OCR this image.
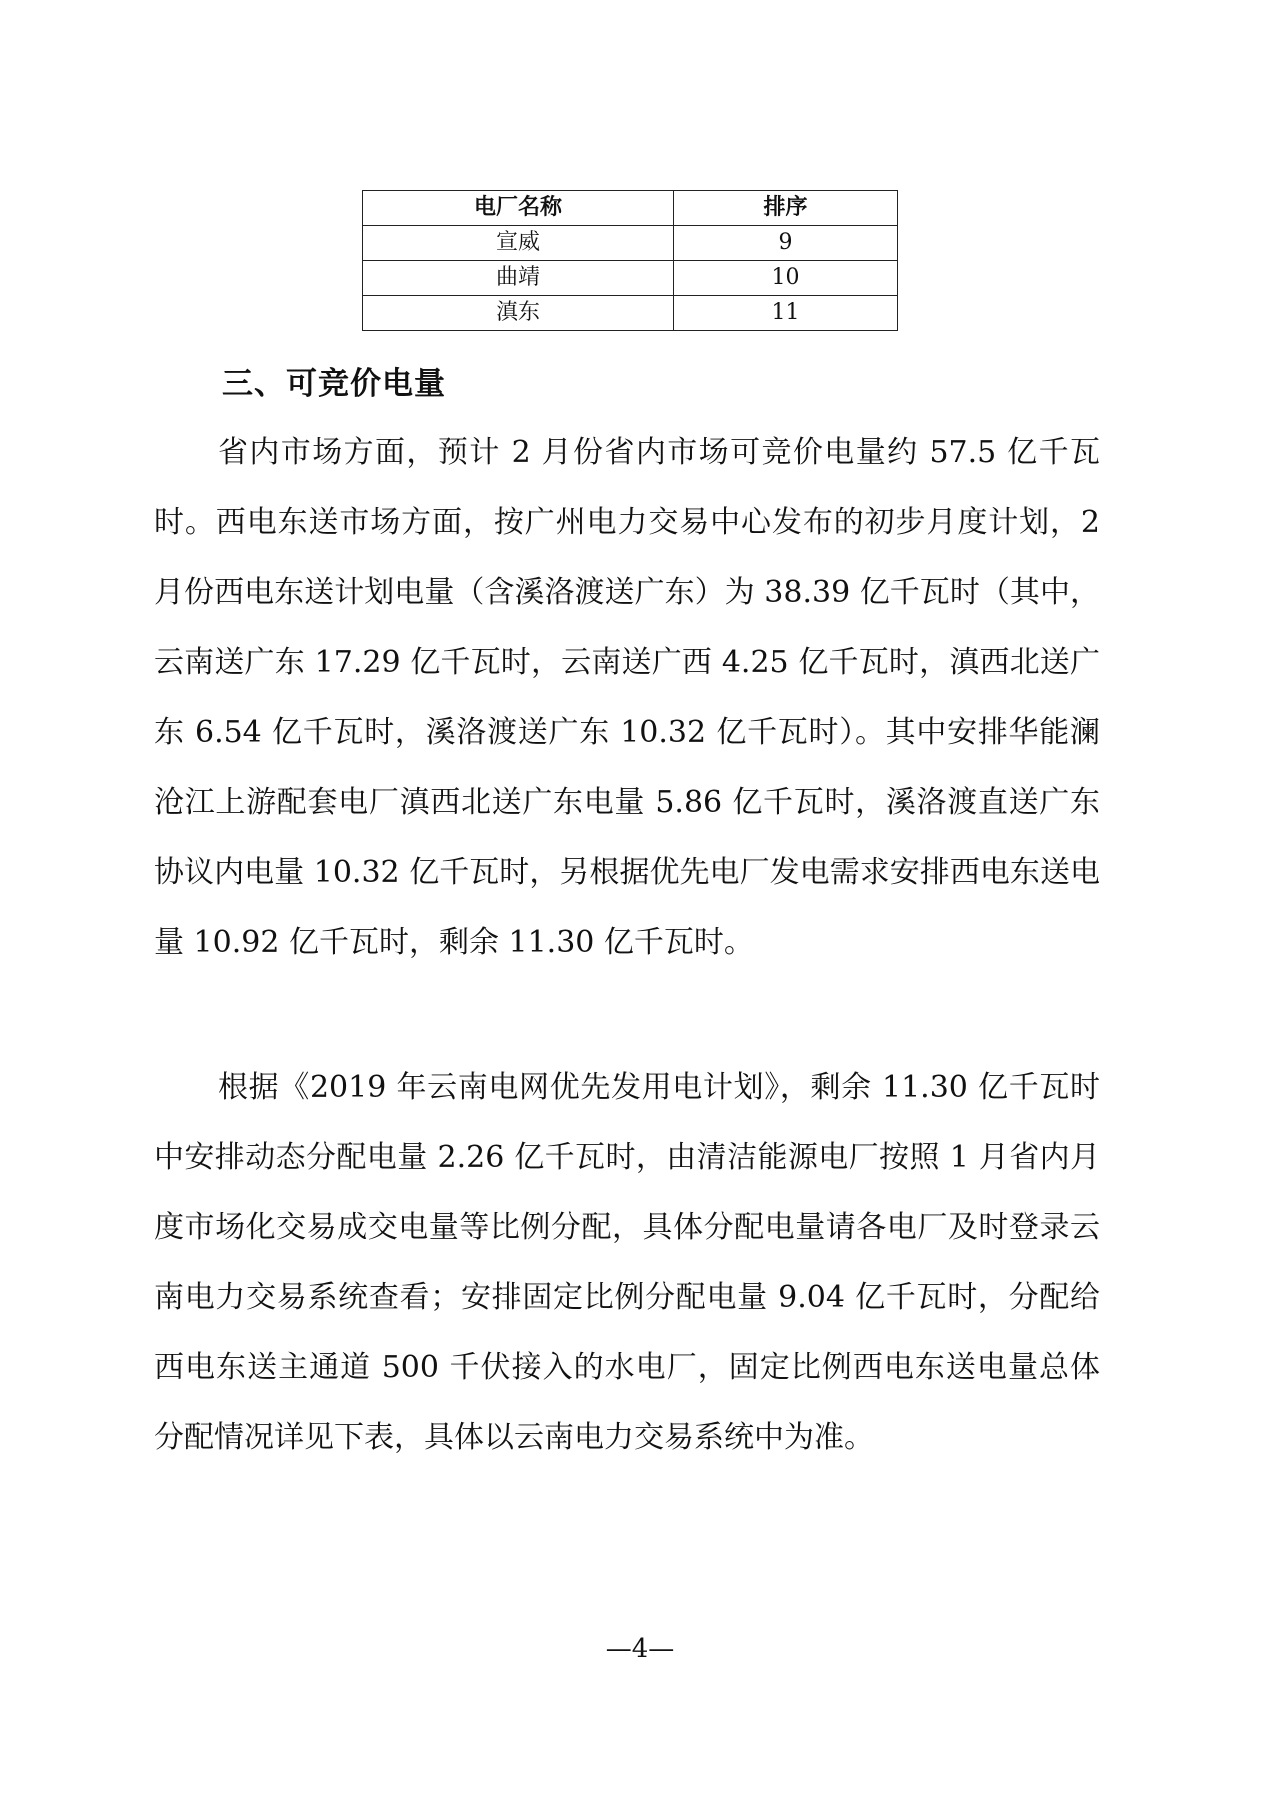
电厂名称	排序
宣威	9
曲靖	10
滇东	11
三、可竞价电量

省内市场方面，预计 2 月份省内市场可竞价电量约 57.5 亿千瓦时。西电东送市场方面，按广州电力交易中心发布的初步月度计划，2 月份西电东送计划电量（含溪洛渡送广东）为 38.39 亿千瓦时（其中，云南送广东 17.29 亿千瓦时，云南送广西 4.25 亿千瓦时，滇西北送广东 6.54 亿千瓦时，溪洛渡送广东 10.32 亿千瓦时）。其中安排华能澜沧江上游配套电厂滇西北送广东电量 5.86 亿千瓦时，溪洛渡直送广东协议内电量 10.32 亿千瓦时，另根据优先电厂发电需求安排西电东送电量 10.92 亿千瓦时，剩余 11.30 亿千瓦时。

根据《2019 年云南电网优先发用电计划》，剩余 11.30 亿千瓦时中安排动态分配电量 2.26 亿千瓦时，由清洁能源电厂按照 1 月省内月度市场化交易成交电量等比例分配，具体分配电量请各电厂及时登录云南电力交易系统查看；安排固定比例分配电量 9.04 亿千瓦时，分配给西电东送主通道 500 千伏接入的水电厂，固定比例西电东送电量总体分配情况详见下表，具体以云南电力交易系统中为准。

—4—
